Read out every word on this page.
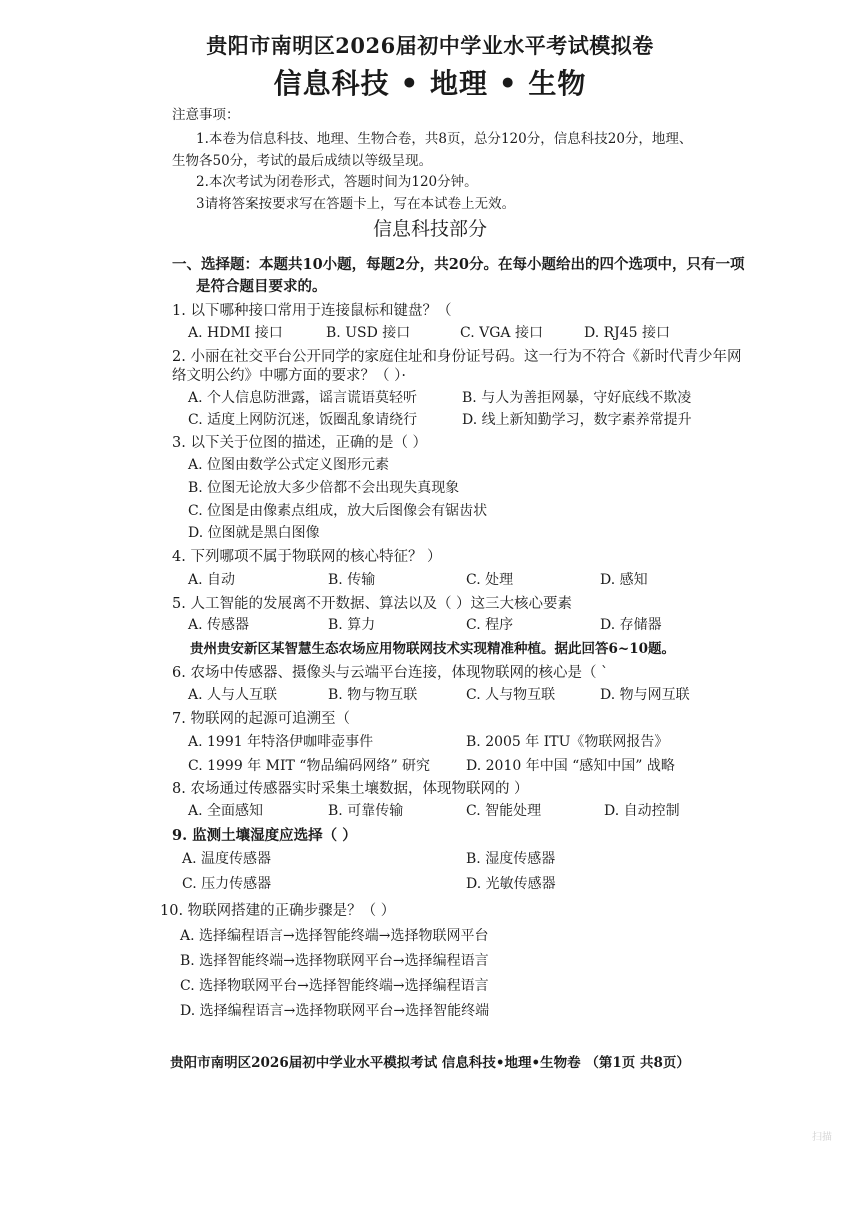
贵阳市南明区2026届初中学业水平考试模拟卷
信息科技 • 地理 • 生物
注意事项：
1.本卷为信息科技、地理、生物合卷，共8页，总分120分，信息科技20分，地理、
生物各50分，考试的最后成绩以等级呈现。
2.本次考试为闭卷形式，答题时间为120分钟。
3请将答案按要求写在答题卡上，写在本试卷上无效。
信息科技部分
一、选择题：本题共10小题，每题2分，共20分。在每小题给出的四个选项中，只有一项
是符合题目要求的。
1. 以下哪种接口常用于连接鼠标和键盘？（
A. HDMI 接口	B. USD 接口	C. VGA 接口	D. RJ45 接口
2. 小丽在社交平台公开同学的家庭住址和身份证号码。这一行为不符合《新时代青少年网
络文明公约》中哪方面的要求？（ ）·
A. 个人信息防泄露，谣言谎语莫轻听	B. 与人为善拒网暴，守好底线不欺凌
C. 适度上网防沉迷，饭圈乱象请绕行	D. 线上新知勤学习，数字素养常提升
3. 以下关于位图的描述，正确的是（ ）
A. 位图由数学公式定义图形元素
B. 位图无论放大多少倍都不会出现失真现象
C. 位图是由像素点组成，放大后图像会有锯齿状
D. 位图就是黑白图像
4. 下列哪项不属于物联网的核心特征？ ）
A. 自动	B. 传输	C. 处理	D. 感知
5. 人工智能的发展离不开数据、算法以及（ ）这三大核心要素
A. 传感器	B. 算力	C. 程序	D. 存储器
贵州贵安新区某智慧生态农场应用物联网技术实现精准种植。据此回答6~10题。
6. 农场中传感器、摄像头与云端平台连接，体现物联网的核心是（ `
A. 人与人互联	B. 物与物互联	C. 人与物互联	D. 物与网互联
7. 物联网的起源可追溯至（
A. 1991 年特洛伊咖啡壶事件	B. 2005 年 ITU《物联网报告》
C. 1999 年 MIT “物品编码网络” 研究	D. 2010 年中国 “感知中国” 战略
8. 农场通过传感器实时采集土壤数据，体现物联网的 ）
A. 全面感知	B. 可靠传输	C. 智能处理	D. 自动控制
9. 监测土壤湿度应选择（ ）
A. 温度传感器	B. 湿度传感器
C. 压力传感器	D. 光敏传感器
10. 物联网搭建的正确步骤是？（ ）
A. 选择编程语言→选择智能终端→选择物联网平台
B. 选择智能终端→选择物联网平台→选择编程语言
C. 选择物联网平台→选择智能终端→选择编程语言
D. 选择编程语言→选择物联网平台→选择智能终端
贵阳市南明区2026届初中学业水平模拟考试 信息科技•地理•生物卷 （第1页 共8页）
扫描
